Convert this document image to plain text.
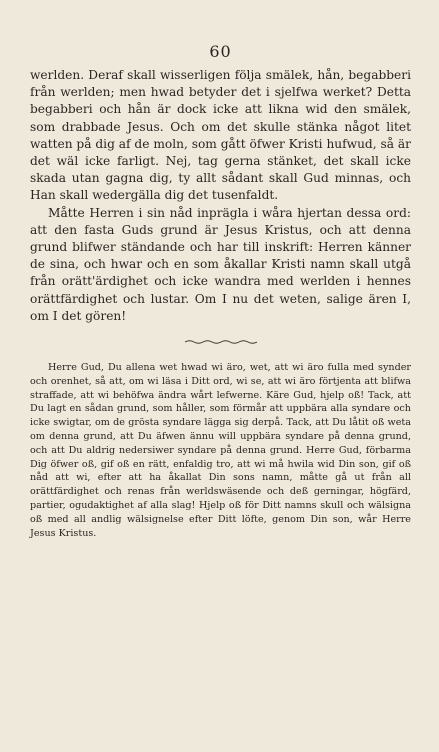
60

werlden. Deraf skall wisserligen följa smälek, hån, begabberi från werlden; men hwad betyder det i sjelfwa werket? Detta begabberi och hån är dock icke att likna wid den smälek, som drabbade Jesus. Och om det skulle stänka något litet watten på dig af de moln, som gått öfwer Kristi hufwud, så är det wäl icke farligt. Nej, tag gerna stänket, det skall icke skada utan gagna dig, ty allt sådant skall Gud minnas, och Han skall wedergälla dig det tusenfaldt.

Måtte Herren i sin nåd inprägla i wåra hjertan dessa ord: att den fasta Guds grund är Jesus Kristus, och att denna grund blifwer ständande och har till inskrift: Herren känner de sina, och hwar och en som åkallar Kristi namn skall utgå från orätt'ärdighet och icke wandra med werlden i hennes orättfärdighet och lustar. Om I nu det weten, salige ären I, om I det gören!

Herre Gud, Du allena wet hwad wi äro, wet, att wi äro fulla med synder och orenhet, så att, om wi läsa i Ditt ord, wi se, att wi äro förtjenta att blifwa straffade, att wi behöfwa ändra wårt lefwerne. Käre Gud, hjelp oß! Tack, att Du lagt en sådan grund, som håller, som förmår att uppbära alla syndare och icke swigtar, om de grösta syndare lägga sig derpå. Tack, att Du låtit oß weta om denna grund, att Du äfwen ännu will uppbära syndare på denna grund, och att Du aldrig nedersiwer syndare på denna grund. Herre Gud, förbarma Dig öfwer oß, gif oß en rätt, enfaldig tro, att wi må hwila wid Din son, gif oß nåd att wi, efter att ha åkallat Din sons namn, måtte gå ut från all orättfärdighet och renas från werldswäsende och deß gerningar, högfärd, partier, ogudaktighet af alla slag! Hjelp oß för Ditt namns skull och wälsigna oß med all andlig wälsignelse efter Ditt löfte, genom Din son, wår Herre Jesus Kristus.
